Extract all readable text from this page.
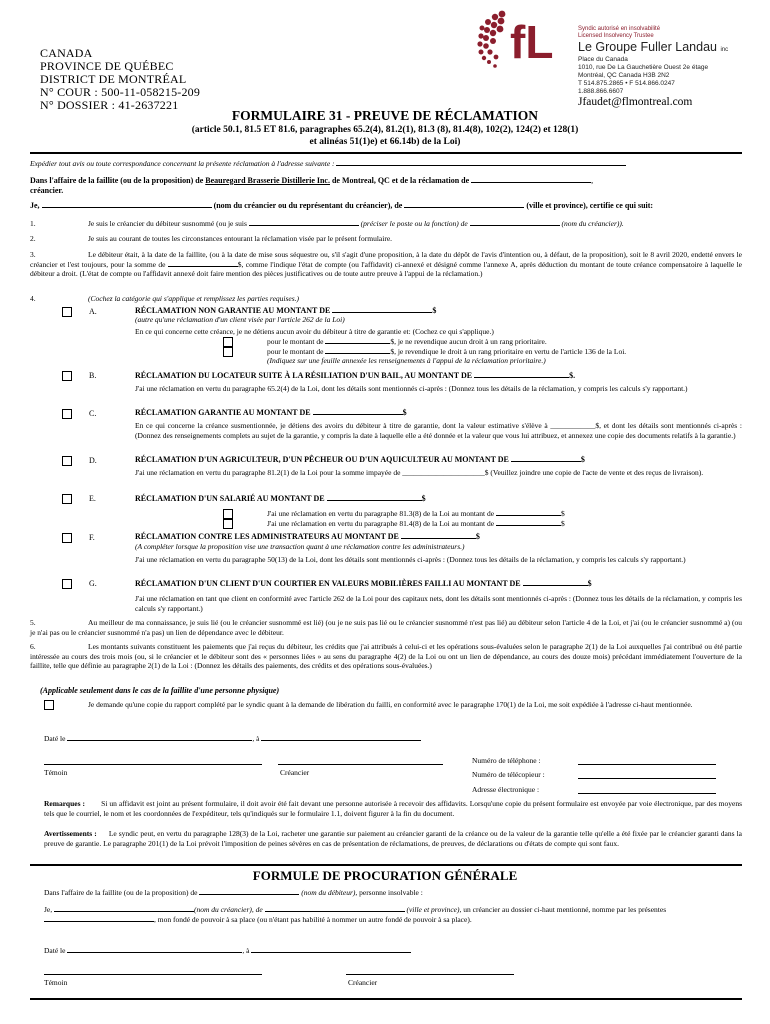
CANADA
PROVINCE DE QUÉBEC
DISTRICT DE MONTRÉAL
N° COUR : 500-11-058215-209
N° DOSSIER : 41-2637221
fL	Syndic autorisé en insolvabilité
Licensed Insolvency Trustee
Le Groupe Fuller Landau inc
Place du Canada
1010, rue De La Gauchetière Ouest 2e étage
Montréal, QC Canada H3B 2N2
T 514.875.2865 • F 514.866.0247
1.888.866.6607
Jfaudet@flmontreal.com
FORMULAIRE 31 - PREUVE DE RÉCLAMATION
(article 50.1, 81.5 ET 81.6, paragraphes 65.2(4), 81.2(1), 81.3 (8), 81.4(8), 102(2), 124(2) et 128(1)
et alinéas 51(1)e) et 66.14b) de la Loi)
Expédier tout avis ou toute correspondance concernant la présente réclamation à l'adresse suivante :
Dans l'affaire de la faillite (ou de la proposition) de Beauregard Brasserie Distillerie Inc. de Montreal, QC et de la réclamation de	,
créancier.
Je,	(nom du créancier ou du représentant du créancier), de	(ville et province), certifie ce qui suit:
1.	Je suis le créancier du débiteur susnommé (ou je suis	(préciser le poste ou la fonction) de	(nom du créancier)).
2.	Je suis au courant de toutes les circonstances entourant la réclamation visée par le présent formulaire.
3.	Le débiteur était, à la date de la faillite, (ou à la date de mise sous séquestre ou, s'il s'agit d'une proposition, à la date du dépôt de l'avis d'intention ou, à défaut, de la proposition), soit le 8 avril 2020, endetté envers le créancier et l'est toujours, pour la somme de	$, comme l'indique l'état de compte (ou l'affidavit) ci-annexé et désigné comme l'annexe A, après déduction du montant de toute créance compensatoire à laquelle le débiteur a droit. (L'état de compte ou l'affidavit annexé doit faire mention des pièces justificatives ou de toute autre preuve à l'appui de la réclamation.)
4.	(Cochez la catégorie qui s'applique et remplissez les parties requises.)
A.	RÉCLAMATION NON GARANTIE AU MONTANT DE	$
(autre qu'une réclamation d'un client visée par l'article 262 de la Loi)
En ce qui concerne cette créance, je ne détiens aucun avoir du débiteur à titre de garantie et: (Cochez ce qui s'applique.)
pour le montant de	$, je ne revendique aucun droit à un rang prioritaire.
pour le montant de	$, je revendique le droit à un rang prioritaire en vertu de l'article 136 de la Loi.
(Indiquez sur une feuille annexée les renseignements à l'appui de la réclamation prioritaire.)
B.	RÉCLAMATION DU LOCATEUR SUITE À LA RÉSILIATION D'UN BAIL, AU MONTANT DE	$.
J'ai une réclamation en vertu du paragraphe 65.2(4) de la Loi, dont les détails sont mentionnés ci-après : (Donnez tous les détails de la réclamation, y compris les calculs s'y rapportant.)
C.	RÉCLAMATION GARANTIE AU MONTANT DE	$
En ce qui concerne la créance susmentionnée, je détiens des avoirs du débiteur à titre de garantie, dont la valeur estimative s'élève à ____________$, et dont les détails sont mentionnés ci-après : (Donnez des renseignements complets au sujet de la garantie, y compris la date à laquelle elle a été donnée et la valeur que vous lui attribuez, et annexez une copie des documents relatifs à la garantie.)
D.	RÉCLAMATION D'UN AGRICULTEUR, D'UN PÊCHEUR OU D'UN AQUICULTEUR AU MONTANT DE	$
J'ai une réclamation en vertu du paragraphe 81.2(1) de la Loi pour la somme impayée de ______________________$ (Veuillez joindre une copie de l'acte de vente et des reçus de livraison).
E.	RÉCLAMATION D'UN SALARIÉ AU MONTANT DE	$
J'ai une réclamation en vertu du paragraphe 81.3(8) de la Loi au montant de	$
J'ai une réclamation en vertu du paragraphe 81.4(8) de la Loi au montant de	$
F.	RÉCLAMATION CONTRE LES ADMINISTRATEURS AU MONTANT DE	$
(A compléter lorsque la proposition vise une transaction quant à une réclamation contre les administrateurs.)
J'ai une réclamation en vertu du paragraphe 50(13) de la Loi, dont les détails sont mentionnés ci-après : (Donnez tous les détails de la réclamation, y compris les calculs s'y rapportant.)
G.	RÉCLAMATION D'UN CLIENT D'UN COURTIER EN VALEURS MOBILIÈRES FAILLI AU MONTANT DE	$
J'ai une réclamation en tant que client en conformité avec l'article 262 de la Loi pour des capitaux nets, dont les détails sont mentionnés ci-après : (Donnez tous les détails de la réclamation, y compris les calculs s'y rapportant.)
5.	Au meilleur de ma connaissance, je suis lié (ou le créancier susnommé est lié) (ou je ne suis pas lié ou le créancier susnommé n'est pas lié) au débiteur selon l'article 4 de la Loi, et j'ai (ou le créancier susnommé a) (ou je n'ai pas ou le créancier susnommé n'a pas) un lien de dépendance avec le débiteur.
6.	Les montants suivants constituent les paiements que j'ai reçus du débiteur, les crédits que j'ai attribués à celui-ci et les opérations sous-évaluées selon le paragraphe 2(1) de la Loi auxquelles j'ai contribué ou été partie intéressée au cours des trois mois (ou, si le créancier et le débiteur sont des « personnes liées » au sens du paragraphe 4(2) de la Loi ou ont un lien de dépendance, au cours des douze mois) précédant immédiatement l'ouverture de la faillite, telle que définie au paragraphe 2(1) de la Loi : (Donnez les détails des paiements, des crédits et des opérations sous-évaluées.)
(Applicable seulement dans le cas de la faillite d'une personne physique)
Je demande qu'une copie du rapport complété par le syndic quant à la demande de libération du failli, en conformité avec le paragraphe 170(1) de la Loi, me soit expédiée à l'adresse ci-haut mentionnée.
Daté le	, à
Témoin	Créancier
Numéro de téléphone :
Numéro de télécopieur :
Adresse électronique :
Remarques : Si un affidavit est joint au présent formulaire, il doit avoir été fait devant une personne autorisée à recevoir des affidavits. Lorsqu'une copie du présent formulaire est envoyée par voie électronique, par des moyens tels que le courriel, le nom et les coordonnées de l'expéditeur, tels qu'indiqués sur le formulaire 1.1, doivent figurer à la fin du document.
Avertissements : Le syndic peut, en vertu du paragraphe 128(3) de la Loi, racheter une garantie sur paiement au créancier garanti de la créance ou de la valeur de la garantie telle qu'elle a été fixée par le créancier garanti dans la preuve de garantie. Le paragraphe 201(1) de la Loi prévoit l'imposition de peines sévères en cas de présentation de réclamations, de preuves, de déclarations ou d'états de compte qui sont faux.
FORMULE DE PROCURATION GÉNÉRALE
Dans l'affaire de la faillite (ou de la proposition) de	(nom du débiteur), personne insolvable :
Je,	(nom du créancier), de	(ville et province), un créancier au dossier ci-haut mentionné, nomme par les présentes
, mon fondé de pouvoir à sa place (ou n'étant pas habilité à nommer un autre fondé de pouvoir à sa place).
Daté le	, à
Témoin	Créancier
